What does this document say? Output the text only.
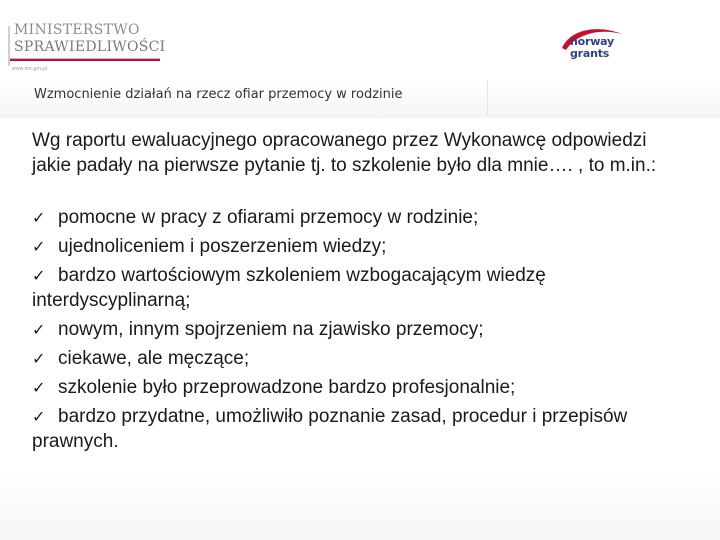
MINISTERSTWO
SPRAWIEDLIWOŚCI
www.ms.gov.pl
norway
grants
Wzmocnienie działań na rzecz ofiar przemocy w rodzinie

Wg raportu ewaluacyjnego opracowanego przez Wykonawcę odpowiedzi jakie padały na pierwsze pytanie tj. to szkolenie było dla mnie…. , to m.in.:

✓ pomocne w pracy z ofiarami przemocy w rodzinie;
✓ ujednoliceniem i poszerzeniem wiedzy;
✓ bardzo wartościowym szkoleniem wzbogacającym wiedzę interdyscyplinarną;
✓ nowym, innym spojrzeniem na zjawisko przemocy;
✓ ciekawe, ale męczące;
✓ szkolenie było przeprowadzone bardzo profesjonalnie;
✓ bardzo przydatne, umożliwiło poznanie zasad, procedur i przepisów prawnych.
